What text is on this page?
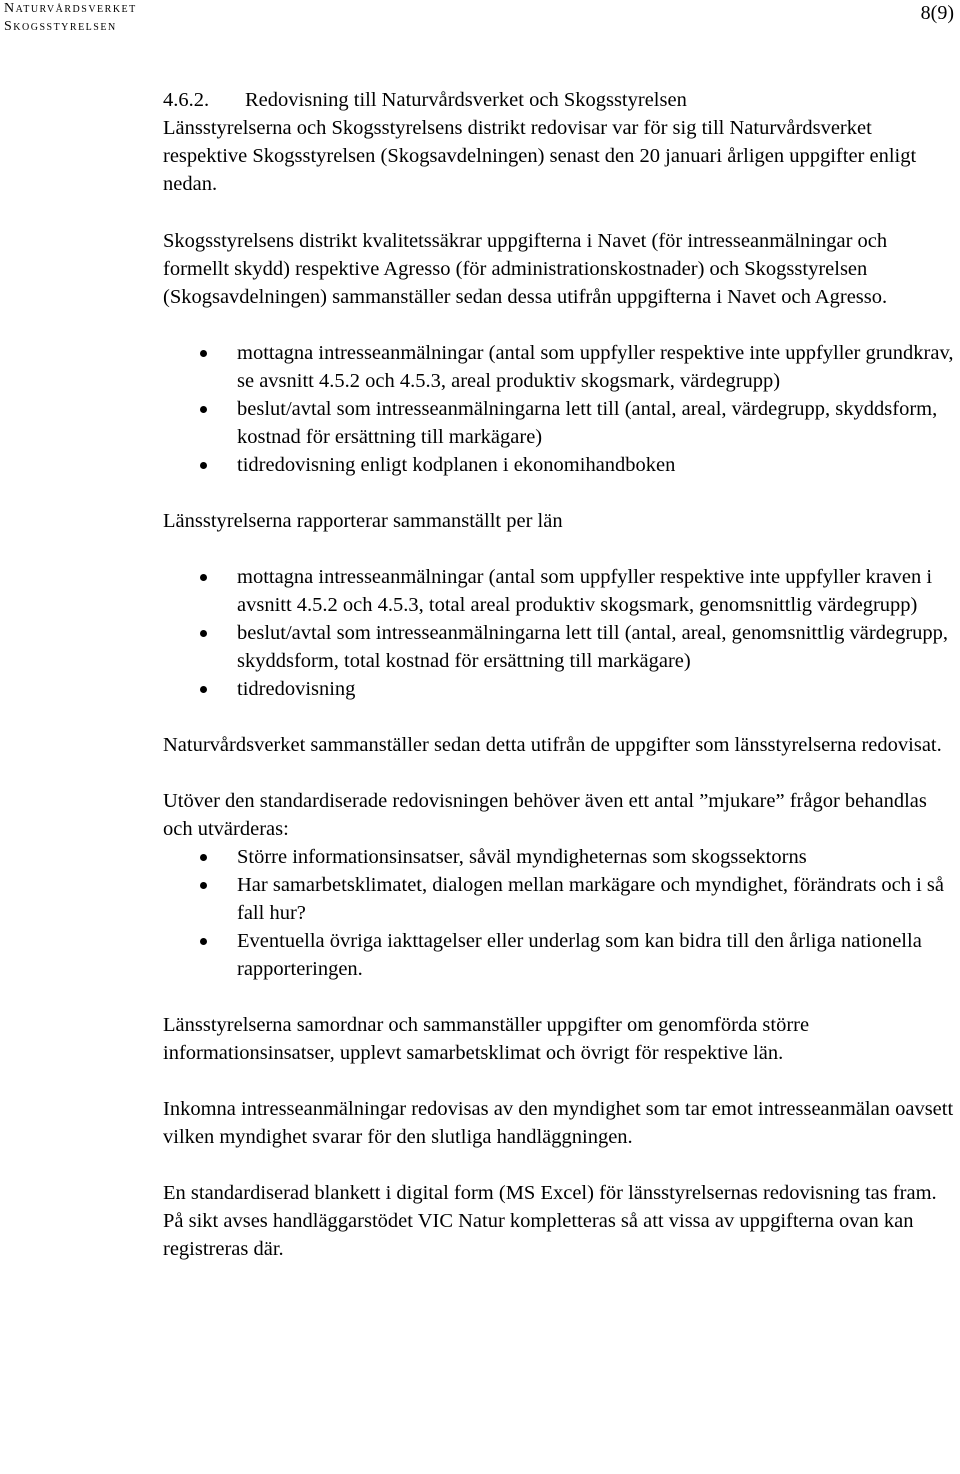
Naturvårdsverket
Skogsstyrelsen
8(9)
4.6.2.	Redovisning till Naturvårdsverket och Skogsstyrelsen

Länsstyrelserna och Skogsstyrelsens distrikt redovisar var för sig till Naturvårdsverket respektive Skogsstyrelsen (Skogsavdelningen) senast den 20 januari årligen uppgifter enligt nedan.

Skogsstyrelsens distrikt kvalitetssäkrar uppgifterna i Navet (för intresseanmälningar och formellt skydd) respektive Agresso (för administrationskostnader) och Skogsstyrelsen (Skogsavdelningen) sammanställer sedan dessa utifrån uppgifterna i Navet och Agresso.

mottagna intresseanmälningar (antal som uppfyller respektive inte uppfyller grundkrav, se avsnitt 4.5.2 och 4.5.3, areal produktiv skogsmark, värdegrupp)
beslut/avtal som intresseanmälningarna lett till (antal, areal, värdegrupp, skyddsform, kostnad för ersättning till markägare)
tidredovisning enligt kodplanen i ekonomihandboken

Länsstyrelserna rapporterar sammanställt per län

mottagna intresseanmälningar (antal som uppfyller respektive inte uppfyller kraven i avsnitt 4.5.2 och 4.5.3, total areal produktiv skogsmark, genomsnittlig värdegrupp)
beslut/avtal som intresseanmälningarna lett till (antal, areal, genomsnittlig värdegrupp, skyddsform, total kostnad för ersättning till markägare)
tidredovisning

Naturvårdsverket sammanställer sedan detta utifrån de uppgifter som länsstyrelserna redovisat.

Utöver den standardiserade redovisningen behöver även ett antal ”mjukare” frågor behandlas och utvärderas:

Större informationsinsatser, såväl myndigheternas som skogssektorns
Har samarbetsklimatet, dialogen mellan markägare och myndighet, förändrats och i så fall hur?
Eventuella övriga iakttagelser eller underlag som kan bidra till den årliga nationella rapporteringen.

Länsstyrelserna samordnar och sammanställer uppgifter om genomförda större informationsinsatser, upplevt samarbetsklimat och övrigt för respektive län.

Inkomna intresseanmälningar redovisas av den myndighet som tar emot intresseanmälan oavsett vilken myndighet svarar för den slutliga handläggningen.

En standardiserad blankett i digital form (MS Excel) för länsstyrelsernas redovisning tas fram. På sikt avses handläggarstödet VIC Natur kompletteras så att vissa av uppgifterna ovan kan registreras där.
